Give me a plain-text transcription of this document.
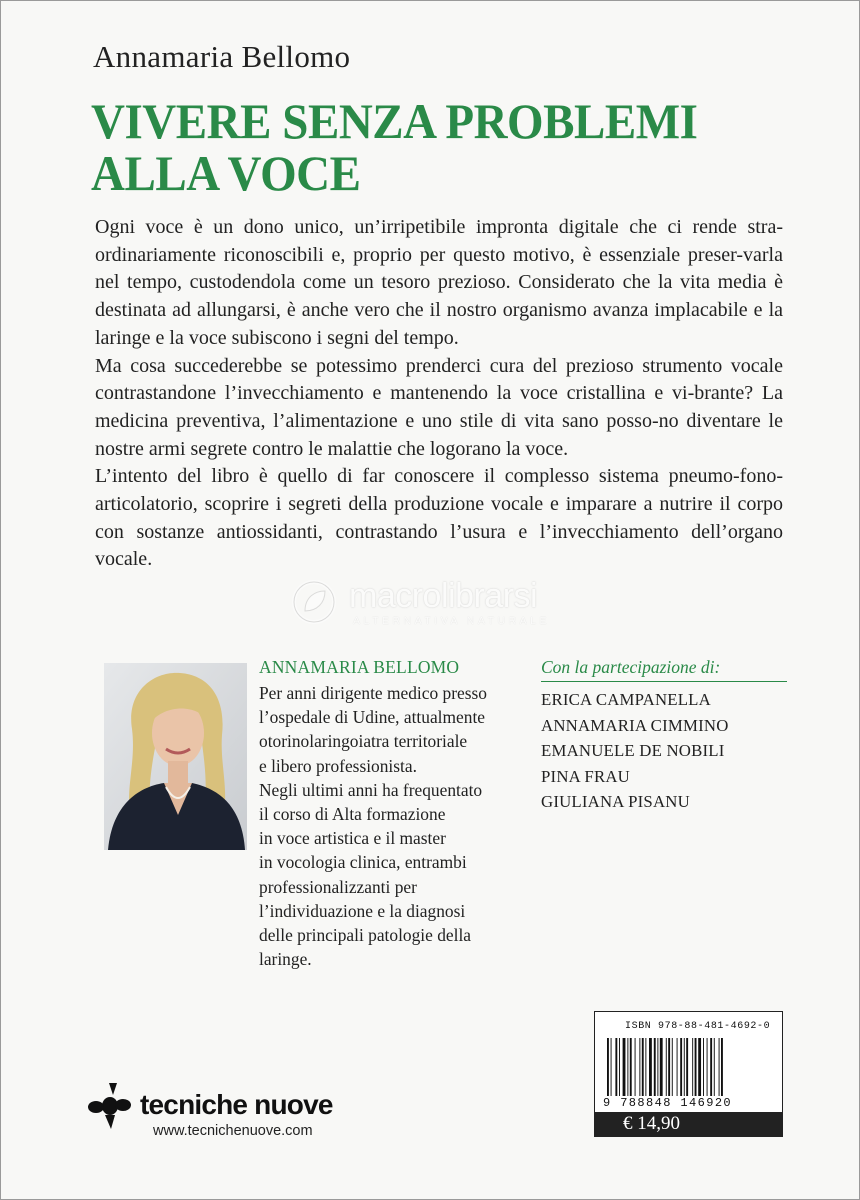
Annamaria Bellomo
VIVERE SENZA PROBLEMI
ALLA VOCE

Ogni voce è un dono unico, un’irripetibile impronta digitale che ci rende stra-ordinariamente riconoscibili e, proprio per questo motivo, è essenziale preser-varla nel tempo, custodendola come un tesoro prezioso. Considerato che la vita media è destinata ad allungarsi, è anche vero che il nostro organismo avanza implacabile e la laringe e la voce subiscono i segni del tempo.

Ma cosa succederebbe se potessimo prenderci cura del prezioso strumento vocale contrastandone l’invecchiamento e mantenendo la voce cristallina e vi-brante? La medicina preventiva, l’alimentazione e uno stile di vita sano posso-no diventare le nostre armi segrete contro le malattie che logorano la voce.

L’intento del libro è quello di far conoscere il complesso sistema pneumo-fono-articolatorio, scoprire i segreti della produzione vocale e imparare a nutrire il corpo con sostanze antiossidanti, contrastando l’usura e l’invecchiamento dell’organo vocale.

macrolibrarsi
ALTERNATIVA NATURALE
ANNAMARIA BELLOMO
Per anni dirigente medico presso
l’ospedale di Udine, attualmente
otorinolaringoiatra territoriale
e libero professionista.
Negli ultimi anni ha frequentato
il corso di Alta formazione
in voce artistica e il master
in vocologia clinica, entrambi
professionalizzanti per
l’individuazione e la diagnosi
delle principali patologie della
laringe.
Con la partecipazione di:
ERICA CAMPANELLA
ANNAMARIA CIMMINO
EMANUELE DE NOBILI
PINA FRAU
GIULIANA PISANU
ISBN 978-88-481-4692-0
9 788848 146920
€ 14,90
tecniche nuove
www.tecnichenuove.com
